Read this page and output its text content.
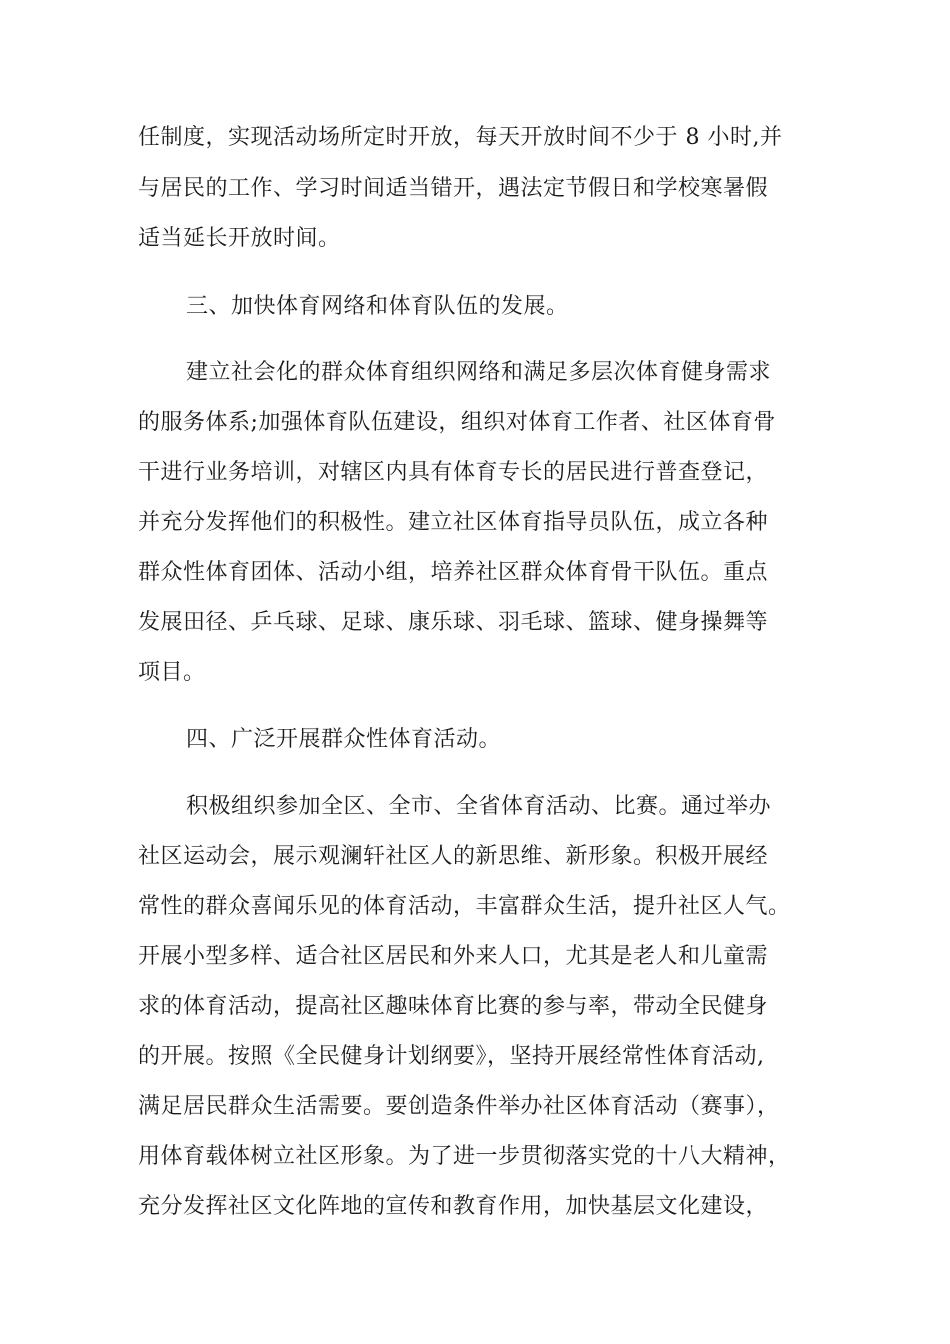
任制度，实现活动场所定时开放，每天开放时间不少于 8 小时,并

与居民的工作、学习时间适当错开，遇法定节假日和学校寒暑假

适当延长开放时间。

三、加快体育网络和体育队伍的发展。

建立社会化的群众体育组织网络和满足多层次体育健身需求

的服务体系;加强体育队伍建设，组织对体育工作者、社区体育骨

干进行业务培训，对辖区内具有体育专长的居民进行普查登记，

并充分发挥他们的积极性。建立社区体育指导员队伍，成立各种

群众性体育团体、活动小组，培养社区群众体育骨干队伍。重点

发展田径、乒乓球、足球、康乐球、羽毛球、篮球、健身操舞等

项目。

四、广泛开展群众性体育活动。

积极组织参加全区、全市、全省体育活动、比赛。通过举办

社区运动会，展示观澜轩社区人的新思维、新形象。积极开展经

常性的群众喜闻乐见的体育活动，丰富群众生活，提升社区人气。

开展小型多样、适合社区居民和外来人口，尤其是老人和儿童需

求的体育活动，提高社区趣味体育比赛的参与率，带动全民健身

的开展。按照《全民健身计划纲要》，坚持开展经常性体育活动,

满足居民群众生活需要。要创造条件举办社区体育活动（赛事），

用体育载体树立社区形象。为了进一步贯彻落实党的十八大精神，

充分发挥社区文化阵地的宣传和教育作用，加快基层文化建设，
